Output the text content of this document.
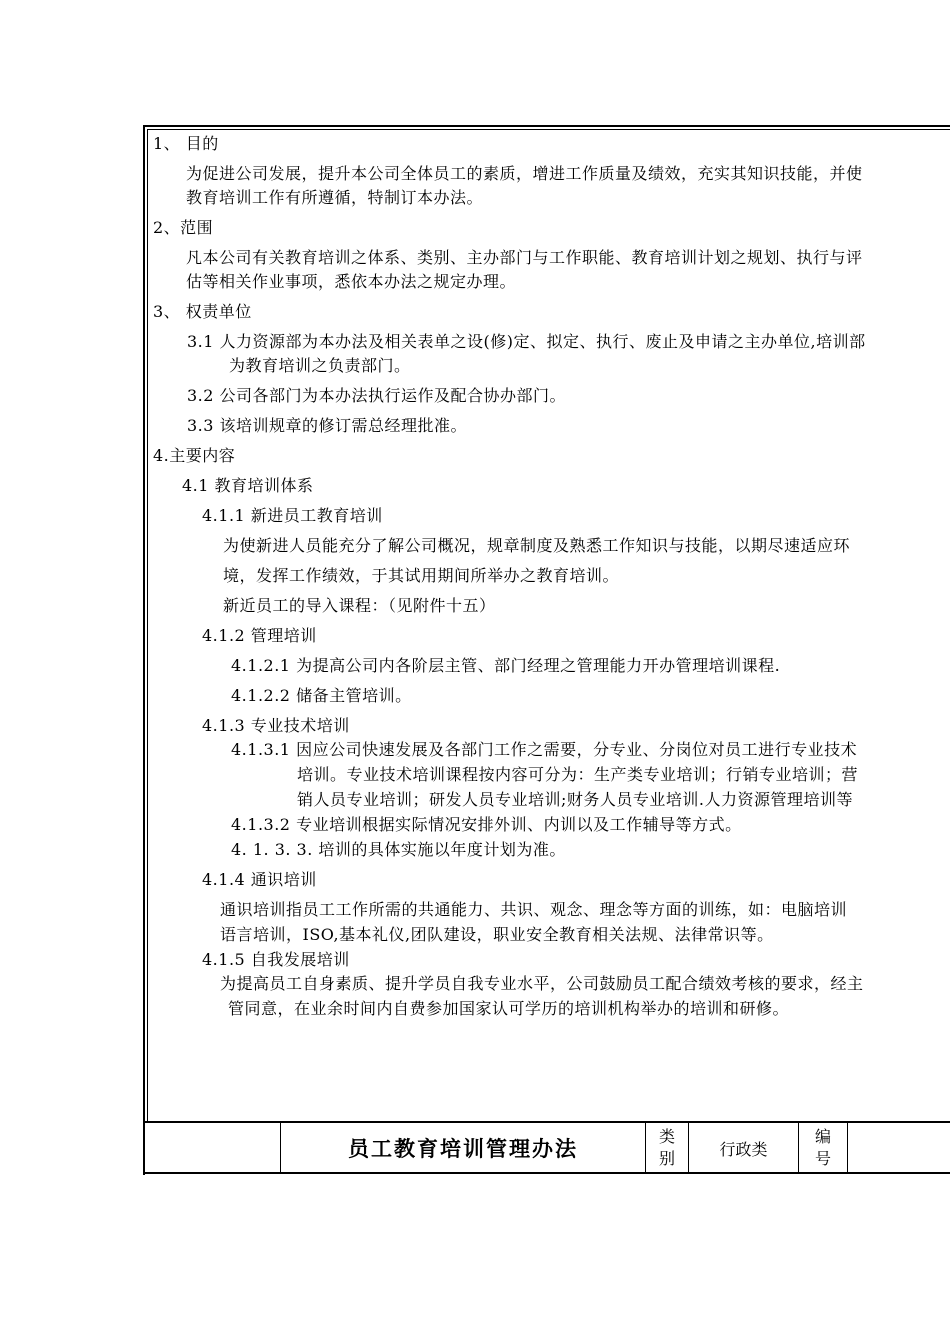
1、 目的
为促进公司发展，提升本公司全体员工的素质，增进工作质量及绩效，充实其知识技能，并使
教育培训工作有所遵循，特制订本办法。
2、范围
凡本公司有关教育培训之体系、类别、主办部门与工作职能、教育培训计划之规划、执行与评
估等相关作业事项，悉依本办法之规定办理。
3、 权责单位
3.1 人力资源部为本办法及相关表单之设(修)定、拟定、执行、废止及申请之主办单位,培训部
为教育培训之负责部门。
3.2 公司各部门为本办法执行运作及配合协办部门。
3.3 该培训规章的修订需总经理批准。
4.主要内容
4.1 教育培训体系
4.1.1 新进员工教育培训
为使新进人员能充分了解公司概况，规章制度及熟悉工作知识与技能，以期尽速适应环
境，发挥工作绩效，于其试用期间所举办之教育培训。
新近员工的导入课程：（见附件十五）
4.1.2 管理培训
4.1.2.1 为提高公司内各阶层主管、部门经理之管理能力开办管理培训课程.
4.1.2.2 储备主管培训。
4.1.3 专业技术培训
4.1.3.1 因应公司快速发展及各部门工作之需要，分专业、分岗位对员工进行专业技术
培训。专业技术培训课程按内容可分为：生产类专业培训；行销专业培训；营
销人员专业培训；研发人员专业培训;财务人员专业培训.人力资源管理培训等
4.1.3.2 专业培训根据实际情况安排外训、内训以及工作辅导等方式。
4. 1. 3. 3. 培训的具体实施以年度计划为准。
4.1.4 通识培训
通识培训指员工工作所需的共通能力、共识、观念、理念等方面的训练，如：电脑培训
语言培训，ISO,基本礼仪,团队建设，职业安全教育相关法规、法律常识等。
4.1.5 自我发展培训
为提高员工自身素质、提升学员自我专业水平，公司鼓励员工配合绩效考核的要求，经主
管同意，在业余时间内自费参加国家认可学历的培训机构举办的培训和研修。
员工教育培训管理办法	类
别	行政类
编
号
